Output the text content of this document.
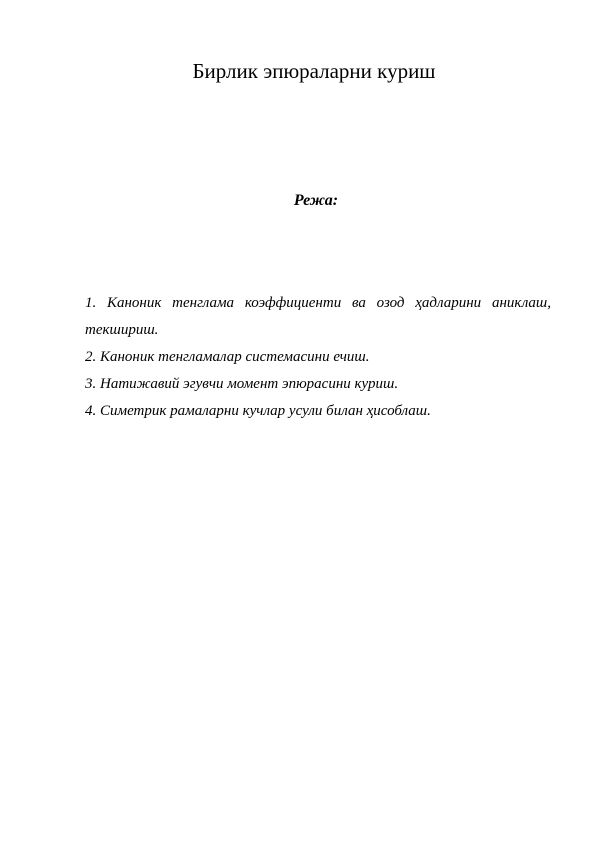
Бирлик эпюраларни куриш
Режа:
1. Каноник тенглама коэффициенти ва озод ҳадларини аниклаш, текшириш.
2. Каноник тенгламалар системасини ечиш.
3. Натижавий эгувчи момент эпюрасини куриш.
4. Симетрик рамаларни кучлар усули билан ҳисоблаш.
